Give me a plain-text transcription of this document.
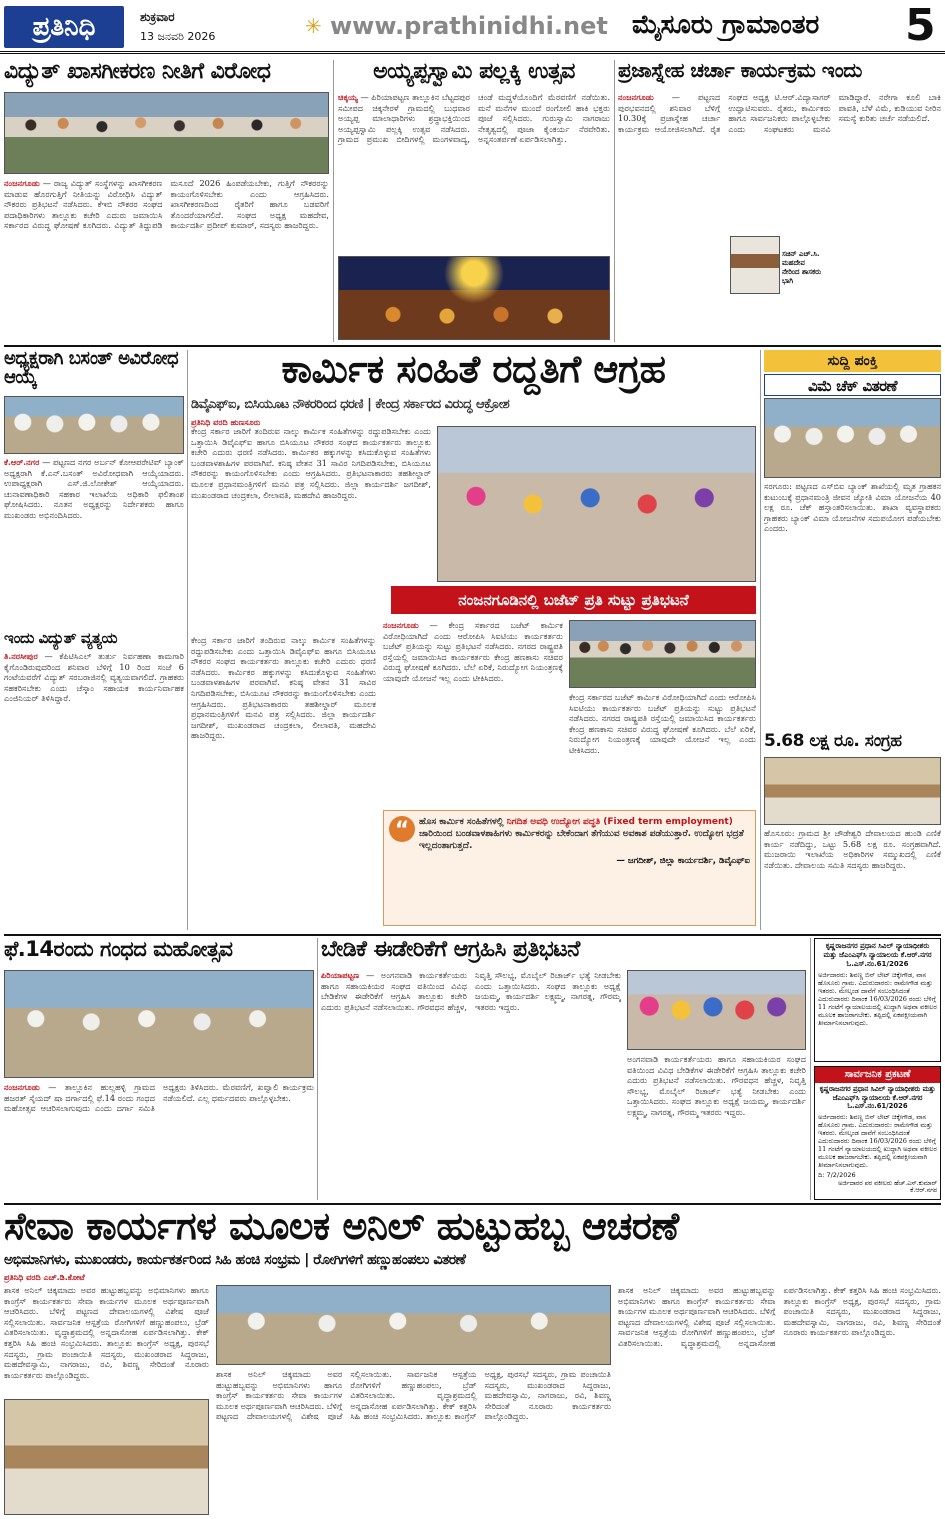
ಪ್ರತಿನಿಧಿ	ಶುಕ್ರವಾರ
13 ಜನವರಿ 2026	✳ www.prathinidhi.net ಮೈಸೂರು ಗ್ರಾಮಾಂತರ 5
ವಿದ್ಯುತ್ ಖಾಸಗೀಕರಣ ನೀತಿಗೆ ವಿರೋಧ
ನಂಜನಗೂಡು — ರಾಜ್ಯ ವಿದ್ಯುತ್ ಸಂಸ್ಥೆಗಳನ್ನು ಖಾಸಗೀಕರಣ ಮಾಡುವ ಹೊರಗುತ್ತಿಗೆ ನೀತಿಯನ್ನು ವಿರೋಧಿಸಿ ವಿದ್ಯುತ್ ನೌಕರರು ಪ್ರತಿಭಟನೆ ನಡೆಸಿದರು. ಕೆಇಬಿ ನೌಕರರ ಸಂಘದ ಪದಾಧಿಕಾರಿಗಳು ತಾಲ್ಲೂಕು ಕಚೇರಿ ಎದುರು ಜಮಾಯಿಸಿ ಸರ್ಕಾರದ ವಿರುದ್ಧ ಘೋಷಣೆ ಕೂಗಿದರು. ವಿದ್ಯುತ್ ತಿದ್ದುಪಡಿ ಮಸೂದೆ 2026 ಹಿಂಪಡೆಯಬೇಕು, ಗುತ್ತಿಗೆ ನೌಕರರನ್ನು ಕಾಯಂಗೊಳಿಸಬೇಕು ಎಂದು ಆಗ್ರಹಿಸಿದರು. ಖಾಸಗೀಕರಣದಿಂದ ರೈತರಿಗೆ ಹಾಗೂ ಬಡವರಿಗೆ ತೊಂದರೆಯಾಗಲಿದೆ. ಸಂಘದ ಅಧ್ಯಕ್ಷ ಮಹದೇವ, ಕಾರ್ಯದರ್ಶಿ ಪ್ರದೀಪ್ ಕುಮಾರ್, ಸದಸ್ಯರು ಹಾಜರಿದ್ದರು.
ಅಯ್ಯಪ್ಪಸ್ವಾಮಿ ಪಲ್ಲಕ್ಕಿ ಉತ್ಸವ
ಚಿಕ್ಕಯ್ಯ — ಪಿರಿಯಾಪಟ್ಟಣ ತಾಲ್ಲೂಕಿನ ಬೆಟ್ಟದಪುರ ಸಮೀಪದ ಚಿಕ್ಕನೇರಳೆ ಗ್ರಾಮದಲ್ಲಿ ಬುಧವಾರ ಅಯ್ಯಪ್ಪ ಮಾಲಾಧಾರಿಗಳು ಶ್ರದ್ಧಾಭಕ್ತಿಯಿಂದ ಅಯ್ಯಪ್ಪಸ್ವಾಮಿ ಪಲ್ಲಕ್ಕಿ ಉತ್ಸವ ನಡೆಸಿದರು. ಗ್ರಾಮದ ಪ್ರಮುಖ ಬೀದಿಗಳಲ್ಲಿ ಮಂಗಳವಾದ್ಯ, ಚಂಡೆ ಮದ್ದಳೆಯೊಂದಿಗೆ ಮೆರವಣಿಗೆ ನಡೆಯಿತು. ಮನೆ ಮನೆಗಳ ಮುಂದೆ ರಂಗೋಲಿ ಹಾಕಿ ಭಕ್ತರು ಪೂಜೆ ಸಲ್ಲಿಸಿದರು. ಗುರುಸ್ವಾಮಿ ನಾಗರಾಜು ನೇತೃತ್ವದಲ್ಲಿ ಪೂಜಾ ಕೈಂಕರ್ಯ ನೆರವೇರಿತು. ಅನ್ನಸಂತರ್ಪಣೆ ಏರ್ಪಡಿಸಲಾಗಿತ್ತು.
ಪ್ರಜಾಸ್ನೇಹ ಚರ್ಚಾ ಕಾರ್ಯಕ್ರಮ ಇಂದು
ನಂಜನಗೂಡು — ಪಟ್ಟಣದ ಪುರಭವನದಲ್ಲಿ ಶನಿವಾರ ಬೆಳಿಗ್ಗೆ 10.30ಕ್ಕೆ ಪ್ರಜಾಸ್ನೇಹ ಚರ್ಚಾ ಕಾರ್ಯಕ್ರಮ ಆಯೋಜಿಸಲಾಗಿದೆ. ರೈತ ಸಂಘದ ಅಧ್ಯಕ್ಷ ಟಿ.ಆರ್.ವಿದ್ಯಾಸಾಗರ್ ಉದ್ಘಾಟಿಸುವರು. ರೈತರು, ಕಾರ್ಮಿಕರು ಹಾಗೂ ಸಾರ್ವಜನಿಕರು ಪಾಲ್ಗೊಳ್ಳಬೇಕು ಎಂದು ಸಂಘಟಕರು ಮನವಿ ಮಾಡಿದ್ದಾರೆ. ನರೇಗಾ ಕೂಲಿ ಬಾಕಿ ಪಾವತಿ, ಬೆಳೆ ವಿಮೆ, ಕುಡಿಯುವ ನೀರಿನ ಸಮಸ್ಯೆ ಕುರಿತು ಚರ್ಚೆ ನಡೆಯಲಿದೆ.
ಸಚಿನ್ ಎಚ್.ಸಿ. ಮಹದೇವ
ನೇರಿಂದ ಶಾಸಕರು ಭಾಗಿ
ಅಧ್ಯಕ್ಷರಾಗಿ ಬಸಂತ್ ಅವಿರೋಧ ಆಯ್ಕೆ
ಕೆ.ಆರ್.ನಗರ — ಪಟ್ಟಣದ ನಗರ ಅರ್ಬನ್ ಕೋಆಪರೇಟಿವ್ ಬ್ಯಾಂಕ್ ಅಧ್ಯಕ್ಷರಾಗಿ ಕೆ.ಎನ್.ಬಸಂತ್ ಅವಿರೋಧವಾಗಿ ಆಯ್ಕೆಯಾದರು. ಉಪಾಧ್ಯಕ್ಷರಾಗಿ ಎಸ್.ಜಿ.ಲೋಕೇಶ್ ಆಯ್ಕೆಯಾದರು. ಚುನಾವಣಾಧಿಕಾರಿ ಸಹಕಾರ ಇಲಾಖೆಯ ಅಧಿಕಾರಿ ಫಲಿತಾಂಶ ಘೋಷಿಸಿದರು. ನೂತನ ಅಧ್ಯಕ್ಷರನ್ನು ನಿರ್ದೇಶಕರು ಹಾಗೂ ಮುಖಂಡರು ಅಭಿನಂದಿಸಿದರು.
ಇಂದು ವಿದ್ಯುತ್ ವ್ಯತ್ಯಯ
ತಿ.ನರಸೀಪುರ — ಕೆಪಿಟಿಸಿಎಲ್ ತುರ್ತು ನಿರ್ವಹಣಾ ಕಾಮಗಾರಿ ಕೈಗೊಂಡಿರುವುದರಿಂದ ಶನಿವಾರ ಬೆಳಿಗ್ಗೆ 10 ರಿಂದ ಸಂಜೆ 6 ಗಂಟೆಯವರೆಗೆ ವಿದ್ಯುತ್ ಸರಬರಾಜಿನಲ್ಲಿ ವ್ಯತ್ಯಯವಾಗಲಿದೆ. ಗ್ರಾಹಕರು ಸಹಕರಿಸಬೇಕು ಎಂದು ಚೆಸ್ಕಾಂ ಸಹಾಯಕ ಕಾರ್ಯನಿರ್ವಾಹಕ ಎಂಜಿನಿಯರ್ ತಿಳಿಸಿದ್ದಾರೆ.
ಕಾರ್ಮಿಕ ಸಂಹಿತೆ ರದ್ದತಿಗೆ ಆಗ್ರಹ
ಡಿವೈಎಫ್ಐ, ಬಿಸಿಯೂಟ ನೌಕರರಿಂದ ಧರಣಿ | ಕೇಂದ್ರ ಸರ್ಕಾರದ ವಿರುದ್ಧ ಆಕ್ರೋಶ
ಪ್ರತಿನಿಧಿ ವರದಿ ಹುಣಸೂರು
ಕೇಂದ್ರ ಸರ್ಕಾರ ಜಾರಿಗೆ ತಂದಿರುವ ನಾಲ್ಕು ಕಾರ್ಮಿಕ ಸಂಹಿತೆಗಳನ್ನು ರದ್ದುಪಡಿಸಬೇಕು ಎಂದು ಒತ್ತಾಯಿಸಿ ಡಿವೈಎಫ್ಐ ಹಾಗೂ ಬಿಸಿಯೂಟ ನೌಕರರ ಸಂಘದ ಕಾರ್ಯಕರ್ತರು ತಾಲ್ಲೂಕು ಕಚೇರಿ ಎದುರು ಧರಣಿ ನಡೆಸಿದರು. ಕಾರ್ಮಿಕರ ಹಕ್ಕುಗಳನ್ನು ಕಸಿದುಕೊಳ್ಳುವ ಸಂಹಿತೆಗಳು ಬಂಡವಾಳಶಾಹಿಗಳ ಪರವಾಗಿವೆ. ಕನಿಷ್ಠ ವೇತನ 31 ಸಾವಿರ ನಿಗದಿಪಡಿಸಬೇಕು, ಬಿಸಿಯೂಟ ನೌಕರರನ್ನು ಕಾಯಂಗೊಳಿಸಬೇಕು ಎಂದು ಆಗ್ರಹಿಸಿದರು. ಪ್ರತಿಭಟನಾಕಾರರು ತಹಶೀಲ್ದಾರ್ ಮೂಲಕ ಪ್ರಧಾನಮಂತ್ರಿಗಳಿಗೆ ಮನವಿ ಪತ್ರ ಸಲ್ಲಿಸಿದರು. ಜಿಲ್ಲಾ ಕಾರ್ಯದರ್ಶಿ ಜಗದೀಶ್, ಮುಖಂಡರಾದ ಚಂದ್ರಕಲಾ, ಲೀಲಾವತಿ, ಮಹದೇವಿ ಹಾಜರಿದ್ದರು.
ನಂಜನಗೂಡಿನಲ್ಲಿ ಬಜೆಟ್ ಪ್ರತಿ ಸುಟ್ಟು ಪ್ರತಿಭಟನೆ
ಕೇಂದ್ರ ಸರ್ಕಾರ ಜಾರಿಗೆ ತಂದಿರುವ ನಾಲ್ಕು ಕಾರ್ಮಿಕ ಸಂಹಿತೆಗಳನ್ನು ರದ್ದುಪಡಿಸಬೇಕು ಎಂದು ಒತ್ತಾಯಿಸಿ ಡಿವೈಎಫ್ಐ ಹಾಗೂ ಬಿಸಿಯೂಟ ನೌಕರರ ಸಂಘದ ಕಾರ್ಯಕರ್ತರು ತಾಲ್ಲೂಕು ಕಚೇರಿ ಎದುರು ಧರಣಿ ನಡೆಸಿದರು. ಕಾರ್ಮಿಕರ ಹಕ್ಕುಗಳನ್ನು ಕಸಿದುಕೊಳ್ಳುವ ಸಂಹಿತೆಗಳು ಬಂಡವಾಳಶಾಹಿಗಳ ಪರವಾಗಿವೆ. ಕನಿಷ್ಠ ವೇತನ 31 ಸಾವಿರ ನಿಗದಿಪಡಿಸಬೇಕು, ಬಿಸಿಯೂಟ ನೌಕರರನ್ನು ಕಾಯಂಗೊಳಿಸಬೇಕು ಎಂದು ಆಗ್ರಹಿಸಿದರು. ಪ್ರತಿಭಟನಾಕಾರರು ತಹಶೀಲ್ದಾರ್ ಮೂಲಕ ಪ್ರಧಾನಮಂತ್ರಿಗಳಿಗೆ ಮನವಿ ಪತ್ರ ಸಲ್ಲಿಸಿದರು. ಜಿಲ್ಲಾ ಕಾರ್ಯದರ್ಶಿ ಜಗದೀಶ್, ಮುಖಂಡರಾದ ಚಂದ್ರಕಲಾ, ಲೀಲಾವತಿ, ಮಹದೇವಿ ಹಾಜರಿದ್ದರು.
ನಂಜನಗೂಡು — ಕೇಂದ್ರ ಸರ್ಕಾರದ ಬಜೆಟ್ ಕಾರ್ಮಿಕ ವಿರೋಧಿಯಾಗಿದೆ ಎಂದು ಆರೋಪಿಸಿ ಸಿಐಟಿಯು ಕಾರ್ಯಕರ್ತರು ಬಜೆಟ್ ಪ್ರತಿಯನ್ನು ಸುಟ್ಟು ಪ್ರತಿಭಟನೆ ನಡೆಸಿದರು. ನಗರದ ರಾಷ್ಟ್ರಪತಿ ರಸ್ತೆಯಲ್ಲಿ ಜಮಾಯಿಸಿದ ಕಾರ್ಯಕರ್ತರು ಕೇಂದ್ರ ಹಣಕಾಸು ಸಚಿವರ ವಿರುದ್ಧ ಘೋಷಣೆ ಕೂಗಿದರು. ಬೆಲೆ ಏರಿಕೆ, ನಿರುದ್ಯೋಗ ನಿಯಂತ್ರಣಕ್ಕೆ ಯಾವುದೇ ಯೋಜನೆ ಇಲ್ಲ ಎಂದು ಟೀಕಿಸಿದರು.
ಕೇಂದ್ರ ಸರ್ಕಾರದ ಬಜೆಟ್ ಕಾರ್ಮಿಕ ವಿರೋಧಿಯಾಗಿದೆ ಎಂದು ಆರೋಪಿಸಿ ಸಿಐಟಿಯು ಕಾರ್ಯಕರ್ತರು ಬಜೆಟ್ ಪ್ರತಿಯನ್ನು ಸುಟ್ಟು ಪ್ರತಿಭಟನೆ ನಡೆಸಿದರು. ನಗರದ ರಾಷ್ಟ್ರಪತಿ ರಸ್ತೆಯಲ್ಲಿ ಜಮಾಯಿಸಿದ ಕಾರ್ಯಕರ್ತರು ಕೇಂದ್ರ ಹಣಕಾಸು ಸಚಿವರ ವಿರುದ್ಧ ಘೋಷಣೆ ಕೂಗಿದರು. ಬೆಲೆ ಏರಿಕೆ, ನಿರುದ್ಯೋಗ ನಿಯಂತ್ರಣಕ್ಕೆ ಯಾವುದೇ ಯೋಜನೆ ಇಲ್ಲ ಎಂದು ಟೀಕಿಸಿದರು.
“	ಹೊಸ ಕಾರ್ಮಿಕ ಸಂಹಿತೆಗಳಲ್ಲಿ ನಿಗದಿತ ಅವಧಿ ಉದ್ಯೋಗ ಪದ್ಧತಿ (Fixed term employment) ಜಾರಿಯಿಂದ ಬಂಡವಾಳಶಾಹಿಗಳು ಕಾರ್ಮಿಕರನ್ನು ಬೇಕೆಂದಾಗ ತೆಗೆಯುವ ಅವಕಾಶ ಪಡೆಯುತ್ತಾರೆ. ಉದ್ಯೋಗ ಭದ್ರತೆ ಇಲ್ಲದಂತಾಗುತ್ತದೆ.
— ಜಗದೀಶ್, ಜಿಲ್ಲಾ ಕಾರ್ಯದರ್ಶಿ, ಡಿವೈಎಫ್ಐ
ಸುದ್ದಿ ಪಂಕ್ತಿ
ವಿಮೆ ಚೆಕ್ ವಿತರಣೆ
ಸರಗೂರು: ಪಟ್ಟಣದ ಎಸ್‌ಬಿಐ ಬ್ಯಾಂಕ್ ಶಾಖೆಯಲ್ಲಿ ಮೃತ ಗ್ರಾಹಕನ ಕುಟುಂಬಕ್ಕೆ ಪ್ರಧಾನಮಂತ್ರಿ ಜೀವನ ಜ್ಯೋತಿ ವಿಮಾ ಯೋಜನೆಯ 40 ಲಕ್ಷ ರೂ. ಚೆಕ್ ಹಸ್ತಾಂತರಿಸಲಾಯಿತು. ಶಾಖಾ ವ್ಯವಸ್ಥಾಪಕರು ಗ್ರಾಹಕರು ಬ್ಯಾಂಕ್ ವಿಮಾ ಯೋಜನೆಗಳ ಸದುಪಯೋಗ ಪಡೆಯಬೇಕು ಎಂದರು.
5.68 ಲಕ್ಷ ರೂ. ಸಂಗ್ರಹ
ಹೊಸೂರು: ಗ್ರಾಮದ ಶ್ರೀ ಚೌಡೇಶ್ವರಿ ದೇವಾಲಯದ ಹುಂಡಿ ಎಣಿಕೆ ಕಾರ್ಯ ನಡೆದಿದ್ದು, ಒಟ್ಟು 5.68 ಲಕ್ಷ ರೂ. ಸಂಗ್ರಹವಾಗಿದೆ. ಮುಜರಾಯಿ ಇಲಾಖೆಯ ಅಧಿಕಾರಿಗಳ ಸಮ್ಮುಖದಲ್ಲಿ ಎಣಿಕೆ ನಡೆಯಿತು. ದೇವಾಲಯ ಸಮಿತಿ ಸದಸ್ಯರು ಹಾಜರಿದ್ದರು.
ಫೆ.14ರಂದು ಗಂಧದ ಮಹೋತ್ಸವ
ನಂಜನಗೂಡು — ತಾಲ್ಲೂಕಿನ ಹುಲ್ಲಹಳ್ಳಿ ಗ್ರಾಮದ ಹಜರತ್ ಸೈಯದ್ ಷಾ ದರ್ಗಾದಲ್ಲಿ ಫೆ.14 ರಂದು ಗಂಧದ ಮಹೋತ್ಸವ ಆಚರಿಸಲಾಗುವುದು ಎಂದು ದರ್ಗಾ ಸಮಿತಿ ಅಧ್ಯಕ್ಷರು ತಿಳಿಸಿದರು. ಮೆರವಣಿಗೆ, ಖವ್ವಾಲಿ ಕಾರ್ಯಕ್ರಮ ನಡೆಯಲಿದೆ. ಎಲ್ಲ ಧರ್ಮದವರು ಪಾಲ್ಗೊಳ್ಳಬೇಕು.
ಬೇಡಿಕೆ ಈಡೇರಿಕೆಗೆ ಆಗ್ರಹಿಸಿ ಪ್ರತಿಭಟನೆ
ಪಿರಿಯಾಪಟ್ಟಣ — ಅಂಗನವಾಡಿ ಕಾರ್ಯಕರ್ತೆಯರು ಹಾಗೂ ಸಹಾಯಕಿಯರ ಸಂಘದ ವತಿಯಿಂದ ವಿವಿಧ ಬೇಡಿಕೆಗಳ ಈಡೇರಿಕೆಗೆ ಆಗ್ರಹಿಸಿ ತಾಲ್ಲೂಕು ಕಚೇರಿ ಎದುರು ಪ್ರತಿಭಟನೆ ನಡೆಸಲಾಯಿತು. ಗೌರವಧನ ಹೆಚ್ಚಳ, ನಿವೃತ್ತಿ ಸೌಲಭ್ಯ, ಮೊಬೈಲ್ ರಿಚಾರ್ಜ್ ಭತ್ಯೆ ನೀಡಬೇಕು ಎಂದು ಒತ್ತಾಯಿಸಿದರು. ಸಂಘದ ತಾಲ್ಲೂಕು ಅಧ್ಯಕ್ಷೆ ಜಯಮ್ಮ, ಕಾರ್ಯದರ್ಶಿ ಲಕ್ಷ್ಮಮ್ಮ, ನಾಗರತ್ನ, ಗೌರಮ್ಮ ಇತರರು ಇದ್ದರು.
ಅಂಗನವಾಡಿ ಕಾರ್ಯಕರ್ತೆಯರು ಹಾಗೂ ಸಹಾಯಕಿಯರ ಸಂಘದ ವತಿಯಿಂದ ವಿವಿಧ ಬೇಡಿಕೆಗಳ ಈಡೇರಿಕೆಗೆ ಆಗ್ರಹಿಸಿ ತಾಲ್ಲೂಕು ಕಚೇರಿ ಎದುರು ಪ್ರತಿಭಟನೆ ನಡೆಸಲಾಯಿತು. ಗೌರವಧನ ಹೆಚ್ಚಳ, ನಿವೃತ್ತಿ ಸೌಲಭ್ಯ, ಮೊಬೈಲ್ ರಿಚಾರ್ಜ್ ಭತ್ಯೆ ನೀಡಬೇಕು ಎಂದು ಒತ್ತಾಯಿಸಿದರು. ಸಂಘದ ತಾಲ್ಲೂಕು ಅಧ್ಯಕ್ಷೆ ಜಯಮ್ಮ, ಕಾರ್ಯದರ್ಶಿ ಲಕ್ಷ್ಮಮ್ಮ, ನಾಗರತ್ನ, ಗೌರಮ್ಮ ಇತರರು ಇದ್ದರು.
ಸಾರ್ವಜನಿಕ ಪ್ರಕಟಣೆ
ಕೃಷ್ಣರಾಜನಗರ ಪ್ರಧಾನ ಸಿವಿಲ್ ನ್ಯಾಯಾಧೀಶರು ಮತ್ತು ಜೆಎಂಎಫ್‌ಸಿ ನ್ಯಾಯಾಲಯ ಕೆ.ಆರ್.ನಗರ ಓ.ಎಸ್.ನಂ.61/2026
ಅರ್ಜಿದಾರರು: ಶಿವಣ್ಣ ಬಿನ್ ಲೇಟ್ ಚಿಕ್ಕೇಗೌಡ, ವಾಸ ಹೊಸೂರು ಗ್ರಾಮ. ಎದುರುದಾರರು: ರಾಮೇಗೌಡ ಮತ್ತು ಇತರರು. ಮೇಲ್ಕಂಡ ದಾವೆಗೆ ಸಂಬಂಧಿಸಿದಂತೆ ಎದುರುದಾರರು ದಿನಾಂಕ 16/03/2026 ರಂದು ಬೆಳಿಗ್ಗೆ 11 ಗಂಟೆಗೆ ನ್ಯಾಯಾಲಯದಲ್ಲಿ ಖುದ್ದಾಗಿ ಅಥವಾ ವಕೀಲರ ಮೂಲಕ ಹಾಜರಾಗಬೇಕು. ತಪ್ಪಿದಲ್ಲಿ ಏಕಪಕ್ಷೀಯವಾಗಿ ತೀರ್ಮಾನಿಸಲಾಗುವುದು.
ದಿ: 7/2/2026
ಅರ್ಜಿದಾರರ ಪರ ವಕೀಲರು ಹೆಚ್.ಎಸ್.ಕುಮಾರ್ ಕೆ.ಆರ್.ನಗರ
ಕೃಷ್ಣರಾಜನಗರ ಪ್ರಧಾನ ಸಿವಿಲ್ ನ್ಯಾಯಾಧೀಶರು ಮತ್ತು ಜೆಎಂಎಫ್‌ಸಿ ನ್ಯಾಯಾಲಯ ಕೆ.ಆರ್.ನಗರ ಓ.ಎಸ್.ನಂ.61/2026
ಅರ್ಜಿದಾರರು: ಶಿವಣ್ಣ ಬಿನ್ ಲೇಟ್ ಚಿಕ್ಕೇಗೌಡ, ವಾಸ ಹೊಸೂರು ಗ್ರಾಮ. ಎದುರುದಾರರು: ರಾಮೇಗೌಡ ಮತ್ತು ಇತರರು. ಮೇಲ್ಕಂಡ ದಾವೆಗೆ ಸಂಬಂಧಿಸಿದಂತೆ ಎದುರುದಾರರು ದಿನಾಂಕ 16/03/2026 ರಂದು ಬೆಳಿಗ್ಗೆ 11 ಗಂಟೆಗೆ ನ್ಯಾಯಾಲಯದಲ್ಲಿ ಖುದ್ದಾಗಿ ಅಥವಾ ವಕೀಲರ ಮೂಲಕ ಹಾಜರಾಗಬೇಕು. ತಪ್ಪಿದಲ್ಲಿ ಏಕಪಕ್ಷೀಯವಾಗಿ ತೀರ್ಮಾನಿಸಲಾಗುವುದು.
ಸೇವಾ ಕಾರ್ಯಗಳ ಮೂಲಕ ಅನಿಲ್ ಹುಟ್ಟುಹಬ್ಬ ಆಚರಣೆ
ಅಭಿಮಾನಿಗಳು, ಮುಖಂಡರು, ಕಾರ್ಯಕರ್ತರಿಂದ ಸಿಹಿ ಹಂಚಿ ಸಂಭ್ರಮ | ರೋಗಿಗಳಿಗೆ ಹಣ್ಣುಹಂಪಲು ವಿತರಣೆ
ಪ್ರತಿನಿಧಿ ವರದಿ ಎಚ್.ಡಿ.ಕೋಟೆ
ಶಾಸಕ ಅನಿಲ್ ಚಿಕ್ಕಮಾದು ಅವರ ಹುಟ್ಟುಹಬ್ಬವನ್ನು ಅಭಿಮಾನಿಗಳು ಹಾಗೂ ಕಾಂಗ್ರೆಸ್ ಕಾರ್ಯಕರ್ತರು ಸೇವಾ ಕಾರ್ಯಗಳ ಮೂಲಕ ಅರ್ಥಪೂರ್ಣವಾಗಿ ಆಚರಿಸಿದರು. ಬೆಳಿಗ್ಗೆ ಪಟ್ಟಣದ ದೇವಾಲಯಗಳಲ್ಲಿ ವಿಶೇಷ ಪೂಜೆ ಸಲ್ಲಿಸಲಾಯಿತು. ಸಾರ್ವಜನಿಕ ಆಸ್ಪತ್ರೆಯ ರೋಗಿಗಳಿಗೆ ಹಣ್ಣುಹಂಪಲು, ಬ್ರೆಡ್ ವಿತರಿಸಲಾಯಿತು. ವೃದ್ಧಾಶ್ರಮದಲ್ಲಿ ಅನ್ನದಾಸೋಹ ಏರ್ಪಡಿಸಲಾಗಿತ್ತು. ಕೇಕ್ ಕತ್ತರಿಸಿ ಸಿಹಿ ಹಂಚಿ ಸಂಭ್ರಮಿಸಿದರು. ತಾಲ್ಲೂಕು ಕಾಂಗ್ರೆಸ್ ಅಧ್ಯಕ್ಷ, ಪುರಸಭೆ ಸದಸ್ಯರು, ಗ್ರಾಮ ಪಂಚಾಯಿತಿ ಸದಸ್ಯರು, ಮುಖಂಡರಾದ ಸಿದ್ದರಾಜು, ಮಹದೇವಸ್ವಾಮಿ, ನಾಗರಾಜು, ರವಿ, ಶಿವಣ್ಣ ಸೇರಿದಂತೆ ನೂರಾರು ಕಾರ್ಯಕರ್ತರು ಪಾಲ್ಗೊಂಡಿದ್ದರು.	ಶಾಸಕ ಅನಿಲ್ ಚಿಕ್ಕಮಾದು ಅವರ ಹುಟ್ಟುಹಬ್ಬವನ್ನು ಅಭಿಮಾನಿಗಳು ಹಾಗೂ ಕಾಂಗ್ರೆಸ್ ಕಾರ್ಯಕರ್ತರು ಸೇವಾ ಕಾರ್ಯಗಳ ಮೂಲಕ ಅರ್ಥಪೂರ್ಣವಾಗಿ ಆಚರಿಸಿದರು. ಬೆಳಿಗ್ಗೆ ಪಟ್ಟಣದ ದೇವಾಲಯಗಳಲ್ಲಿ ವಿಶೇಷ ಪೂಜೆ ಸಲ್ಲಿಸಲಾಯಿತು. ಸಾರ್ವಜನಿಕ ಆಸ್ಪತ್ರೆಯ ರೋಗಿಗಳಿಗೆ ಹಣ್ಣುಹಂಪಲು, ಬ್ರೆಡ್ ವಿತರಿಸಲಾಯಿತು. ವೃದ್ಧಾಶ್ರಮದಲ್ಲಿ ಅನ್ನದಾಸೋಹ ಏರ್ಪಡಿಸಲಾಗಿತ್ತು. ಕೇಕ್ ಕತ್ತರಿಸಿ ಸಿಹಿ ಹಂಚಿ ಸಂಭ್ರಮಿಸಿದರು. ತಾಲ್ಲೂಕು ಕಾಂಗ್ರೆಸ್ ಅಧ್ಯಕ್ಷ, ಪುರಸಭೆ ಸದಸ್ಯರು, ಗ್ರಾಮ ಪಂಚಾಯಿತಿ ಸದಸ್ಯರು, ಮುಖಂಡರಾದ ಸಿದ್ದರಾಜು, ಮಹದೇವಸ್ವಾಮಿ, ನಾಗರಾಜು, ರವಿ, ಶಿವಣ್ಣ ಸೇರಿದಂತೆ ನೂರಾರು ಕಾರ್ಯಕರ್ತರು ಪಾಲ್ಗೊಂಡಿದ್ದರು.
ಶಾಸಕ ಅನಿಲ್ ಚಿಕ್ಕಮಾದು ಅವರ ಹುಟ್ಟುಹಬ್ಬವನ್ನು ಅಭಿಮಾನಿಗಳು ಹಾಗೂ ಕಾಂಗ್ರೆಸ್ ಕಾರ್ಯಕರ್ತರು ಸೇವಾ ಕಾರ್ಯಗಳ ಮೂಲಕ ಅರ್ಥಪೂರ್ಣವಾಗಿ ಆಚರಿಸಿದರು. ಬೆಳಿಗ್ಗೆ ಪಟ್ಟಣದ ದೇವಾಲಯಗಳಲ್ಲಿ ವಿಶೇಷ ಪೂಜೆ ಸಲ್ಲಿಸಲಾಯಿತು. ಸಾರ್ವಜನಿಕ ಆಸ್ಪತ್ರೆಯ ರೋಗಿಗಳಿಗೆ ಹಣ್ಣುಹಂಪಲು, ಬ್ರೆಡ್ ವಿತರಿಸಲಾಯಿತು. ವೃದ್ಧಾಶ್ರಮದಲ್ಲಿ ಅನ್ನದಾಸೋಹ ಏರ್ಪಡಿಸಲಾಗಿತ್ತು. ಕೇಕ್ ಕತ್ತರಿಸಿ ಸಿಹಿ ಹಂಚಿ ಸಂಭ್ರಮಿಸಿದರು. ತಾಲ್ಲೂಕು ಕಾಂಗ್ರೆಸ್ ಅಧ್ಯಕ್ಷ, ಪುರಸಭೆ ಸದಸ್ಯರು, ಗ್ರಾಮ ಪಂಚಾಯಿತಿ ಸದಸ್ಯರು, ಮುಖಂಡರಾದ ಸಿದ್ದರಾಜು, ಮಹದೇವಸ್ವಾಮಿ, ನಾಗರಾಜು, ರವಿ, ಶಿವಣ್ಣ ಸೇರಿದಂತೆ ನೂರಾರು ಕಾರ್ಯಕರ್ತರು ಪಾಲ್ಗೊಂಡಿದ್ದರು.
